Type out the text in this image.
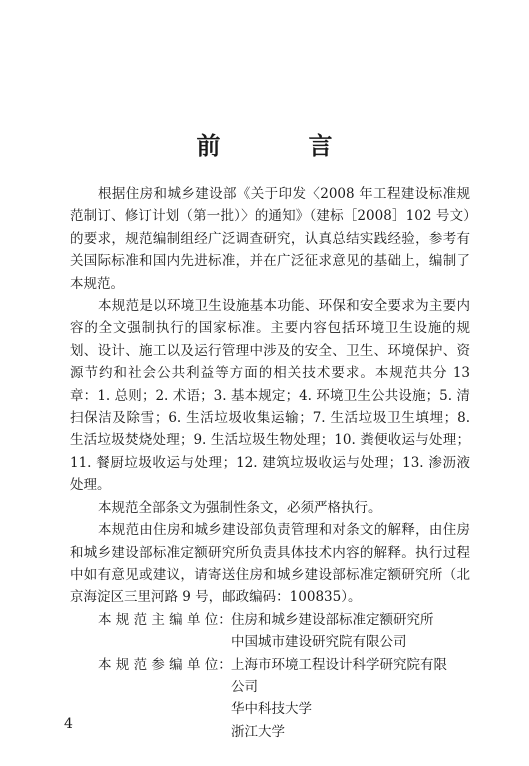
前　言

根据住房和城乡建设部《关于印发〈2008 年工程建设标准规范制订、修订计划（第一批）〉的通知》（建标［2008］102 号文）的要求，规范编制组经广泛调查研究，认真总结实践经验，参考有关国际标准和国内先进标准，并在广泛征求意见的基础上，编制了本规范。

本规范是以环境卫生设施基本功能、环保和安全要求为主要内容的全文强制执行的国家标准。主要内容包括环境卫生设施的规划、设计、施工以及运行管理中涉及的安全、卫生、环境保护、资源节约和社会公共利益等方面的相关技术要求。本规范共分 13 章：1. 总则；2. 术语；3. 基本规定；4. 环境卫生公共设施；5. 清扫保洁及除雪；6. 生活垃圾收集运输；7. 生活垃圾卫生填埋；8. 生活垃圾焚烧处理；9. 生活垃圾生物处理；10. 粪便收运与处理；11. 餐厨垃圾收运与处理；12. 建筑垃圾收运与处理；13. 渗沥液处理。

本规范全部条文为强制性条文，必须严格执行。

本规范由住房和城乡建设部负责管理和对条文的解释，由住房和城乡建设部标准定额研究所负责具体技术内容的解释。执行过程中如有意见或建议，请寄送住房和城乡建设部标准定额研究所（北京海淀区三里河路 9 号，邮政编码：100835）。

本 规 范 主 编 单 位： 住房和城乡建设部标准定额研究所
中国城市建设研究院有限公司
本 规 范 参 编 单 位： 上海市环境工程设计科学研究院有限
公司
华中科技大学
浙江大学
4
